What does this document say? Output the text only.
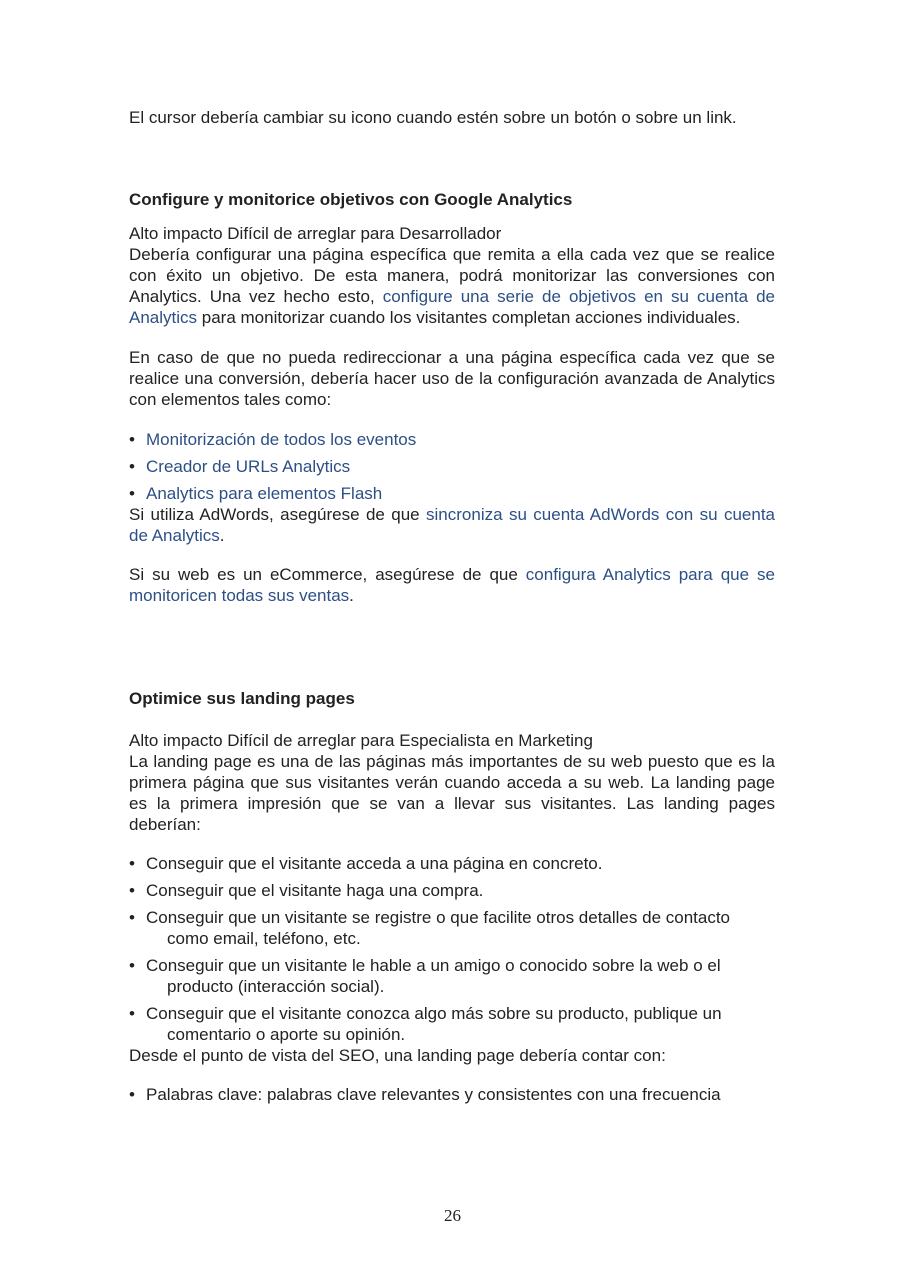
El cursor debería cambiar su icono cuando estén sobre un botón o sobre un link.

Configure y monitorice objetivos con Google Analytics

Alto impacto Difícil de arreglar para Desarrollador

Debería configurar una página específica que remita a ella cada vez que se realice con éxito un objetivo. De esta manera, podrá monitorizar las conversiones con Analytics. Una vez hecho esto, configure una serie de objetivos en su cuenta de Analytics para monitorizar cuando los visitantes completan acciones individuales.

En caso de que no pueda redireccionar a una página específica cada vez que se realice una conversión, debería hacer uso de la configuración avanzada de Analytics con elementos tales como:

• Monitorización de todos los eventos
• Creador de URLs Analytics
• Analytics para elementos Flash

Si utiliza AdWords, asegúrese de que sincroniza su cuenta AdWords con su cuenta de Analytics.

Si su web es un eCommerce, asegúrese de que configura Analytics para que se monitoricen todas sus ventas.

Optimice sus landing pages

Alto impacto Difícil de arreglar para Especialista en Marketing

La landing page es una de las páginas más importantes de su web puesto que es la primera página que sus visitantes verán cuando acceda a su web. La landing page es la primera impresión que se van a llevar sus visitantes. Las landing pages deberían:

• Conseguir que el visitante acceda a una página en concreto.
• Conseguir que el visitante haga una compra.
• Conseguir que un visitante se registre o que facilite otros detalles de contacto
como email, teléfono, etc.
• Conseguir que un visitante le hable a un amigo o conocido sobre la web o el
producto (interacción social).
• Conseguir que el visitante conozca algo más sobre su producto, publique un
comentario o aporte su opinión.

Desde el punto de vista del SEO, una landing page debería contar con:

• Palabras clave: palabras clave relevantes y consistentes con una frecuencia
26
